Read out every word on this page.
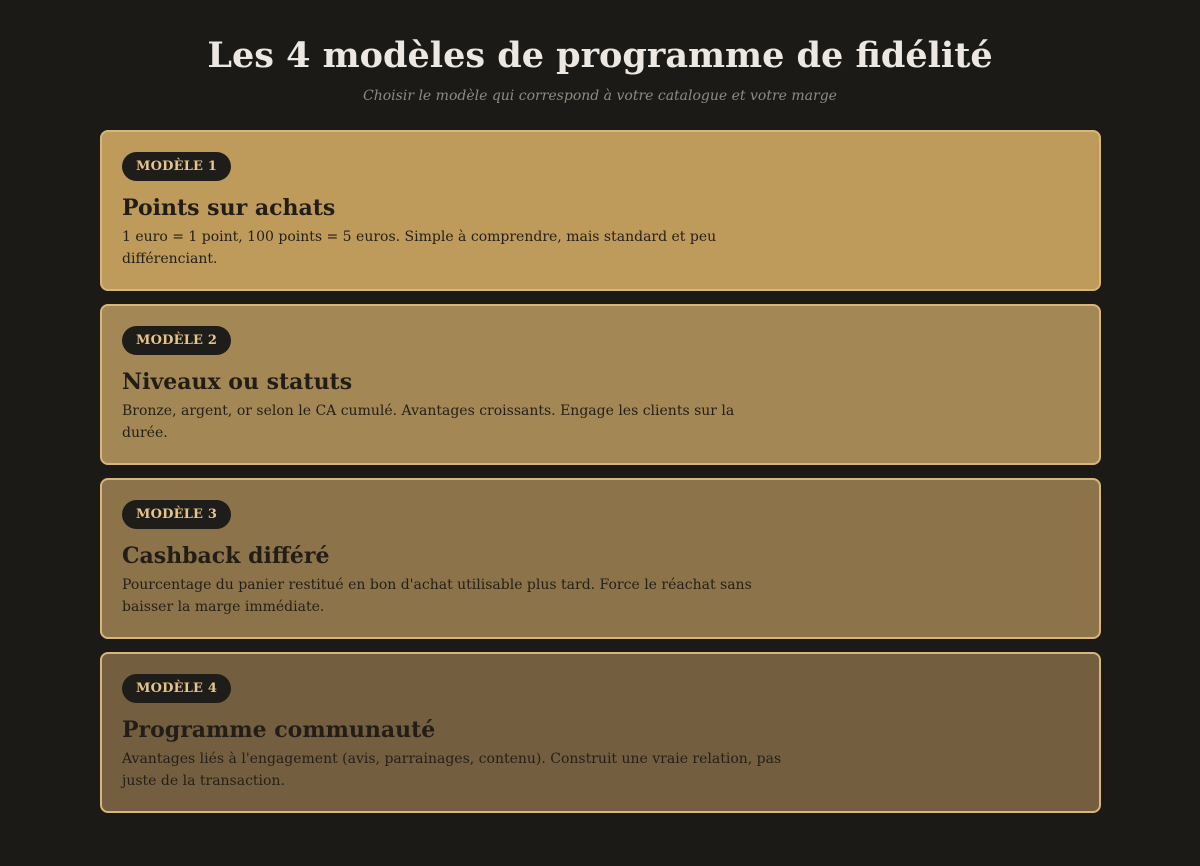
Les 4 modèles de programme de fidélité

Choisir le modèle qui correspond à votre catalogue et votre marge

MODÈLE 1
Points sur achats

1 euro = 1 point, 100 points = 5 euros. Simple à comprendre, mais standard et peu différenciant.

MODÈLE 2
Niveaux ou statuts

Bronze, argent, or selon le CA cumulé. Avantages croissants. Engage les clients sur la durée.

MODÈLE 3
Cashback différé

Pourcentage du panier restitué en bon d'achat utilisable plus tard. Force le réachat sans baisser la marge immédiate.

MODÈLE 4
Programme communauté

Avantages liés à l'engagement (avis, parrainages, contenu). Construit une vraie relation, pas juste de la transaction.
